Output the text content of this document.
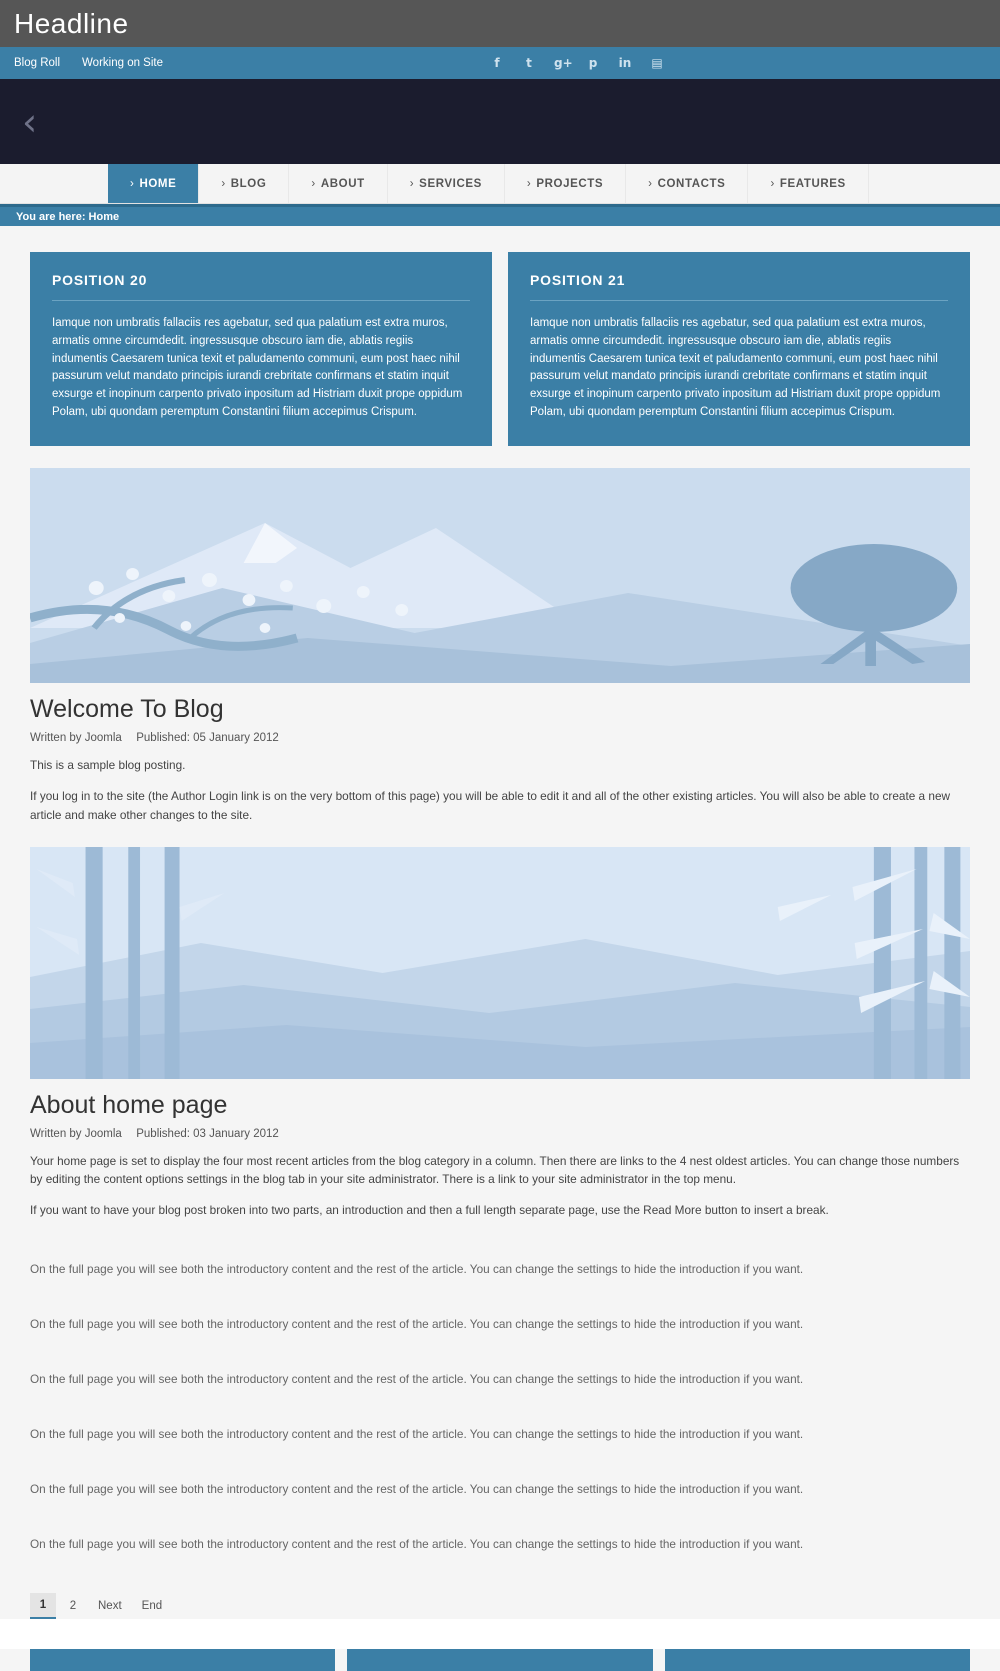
Headline
Blog Roll Working on Site	f	t	g+ p in ▤
‹
› HOME	› BLOG	› ABOUT	› SERVICES	› PROJECTS	› CONTACTS	› FEATURES
You are here: Home
POSITION 20

Iamque non umbratis fallaciis res agebatur, sed qua palatium est extra muros, armatis omne circumdedit. ingressusque obscuro iam die, ablatis regiis indumentis Caesarem tunica texit et paludamento communi, eum post haec nihil passurum velut mandato principis iurandi crebritate confirmans et statim inquit exsurge et inopinum carpento privato inpositum ad Histriam duxit prope oppidum Polam, ubi quondam peremptum Constantini filium accepimus Crispum.

POSITION 21

Iamque non umbratis fallaciis res agebatur, sed qua palatium est extra muros, armatis omne circumdedit. ingressusque obscuro iam die, ablatis regiis indumentis Caesarem tunica texit et paludamento communi, eum post haec nihil passurum velut mandato principis iurandi crebritate confirmans et statim inquit exsurge et inopinum carpento privato inpositum ad Histriam duxit prope oppidum Polam, ubi quondam peremptum Constantini filium accepimus Crispum.

Welcome To Blog
Written by Joomla Published: 05 January 2012

This is a sample blog posting.

If you log in to the site (the Author Login link is on the very bottom of this page) you will be able to edit it and all of the other existing articles. You will also be able to create a new article and make other changes to the site.

About home page
Written by Joomla Published: 03 January 2012

Your home page is set to display the four most recent articles from the blog category in a column. Then there are links to the 4 nest oldest articles. You can change those numbers by editing the content options settings in the blog tab in your site administrator. There is a link to your site administrator in the top menu.

If you want to have your blog post broken into two parts, an introduction and then a full length separate page, use the Read More button to insert a break.

On the full page you will see both the introductory content and the rest of the article. You can change the settings to hide the introduction if you want.
On the full page you will see both the introductory content and the rest of the article. You can change the settings to hide the introduction if you want.
On the full page you will see both the introductory content and the rest of the article. You can change the settings to hide the introduction if you want.
On the full page you will see both the introductory content and the rest of the article. You can change the settings to hide the introduction if you want.
On the full page you will see both the introductory content and the rest of the article. You can change the settings to hide the introduction if you want.
On the full page you will see both the introductory content and the rest of the article. You can change the settings to hide the introduction if you want.
1	2	Next	End
